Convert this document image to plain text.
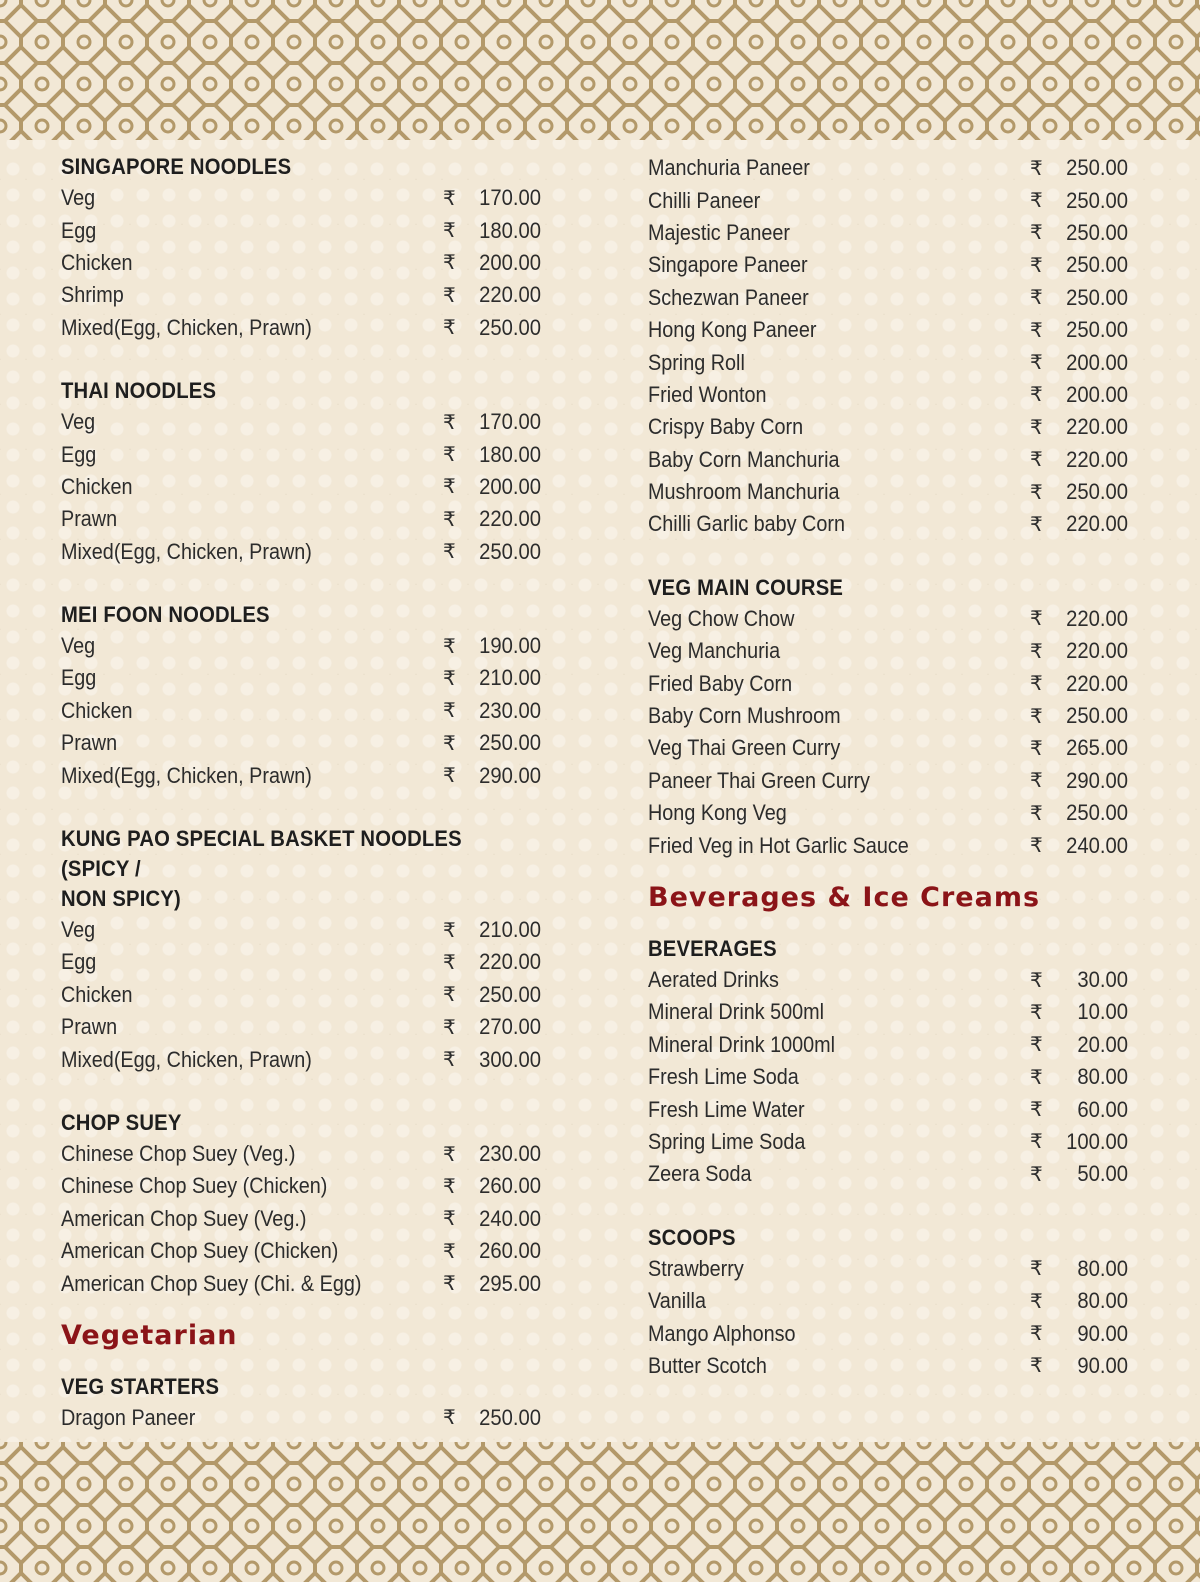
SINGAPORE NOODLES
Veg	₹	170.00
Egg	₹	180.00
Chicken	₹	200.00
Shrimp	₹	220.00
Mixed(Egg, Chicken, Prawn)	₹	250.00
THAI NOODLES
Veg	₹	170.00
Egg	₹	180.00
Chicken	₹	200.00
Prawn	₹	220.00
Mixed(Egg, Chicken, Prawn)	₹	250.00
MEI FOON NOODLES
Veg	₹	190.00
Egg	₹	210.00
Chicken	₹	230.00
Prawn	₹	250.00
Mixed(Egg, Chicken, Prawn)	₹	290.00
KUNG PAO SPECIAL BASKET NOODLES (SPICY /
NON SPICY)
Veg	₹	210.00
Egg	₹	220.00
Chicken	₹	250.00
Prawn	₹	270.00
Mixed(Egg, Chicken, Prawn)	₹	300.00
CHOP SUEY
Chinese Chop Suey (Veg.)	₹	230.00
Chinese Chop Suey (Chicken)	₹	260.00
American Chop Suey (Veg.)	₹	240.00
American Chop Suey (Chicken)	₹	260.00
American Chop Suey (Chi. & Egg)	₹	295.00
Vegetarian
VEG STARTERS
Dragon Paneer	₹	250.00
Manchuria Paneer	₹	250.00
Chilli Paneer	₹	250.00
Majestic Paneer	₹	250.00
Singapore Paneer	₹	250.00
Schezwan Paneer	₹	250.00
Hong Kong Paneer	₹	250.00
Spring Roll	₹	200.00
Fried Wonton	₹	200.00
Crispy Baby Corn	₹	220.00
Baby Corn Manchuria	₹	220.00
Mushroom Manchuria	₹	250.00
Chilli Garlic baby Corn	₹	220.00
VEG MAIN COURSE
Veg Chow Chow	₹	220.00
Veg Manchuria	₹	220.00
Fried Baby Corn	₹	220.00
Baby Corn Mushroom	₹	250.00
Veg Thai Green Curry	₹	265.00
Paneer Thai Green Curry	₹	290.00
Hong Kong Veg	₹	250.00
Fried Veg in Hot Garlic Sauce	₹	240.00
Beverages & Ice Creams
BEVERAGES
Aerated Drinks	₹	30.00
Mineral Drink 500ml	₹	10.00
Mineral Drink 1000ml	₹	20.00
Fresh Lime Soda	₹	80.00
Fresh Lime Water	₹	60.00
Spring Lime Soda	₹	100.00
Zeera Soda	₹	50.00
SCOOPS
Strawberry	₹	80.00
Vanilla	₹	80.00
Mango Alphonso	₹	90.00
Butter Scotch	₹	90.00
